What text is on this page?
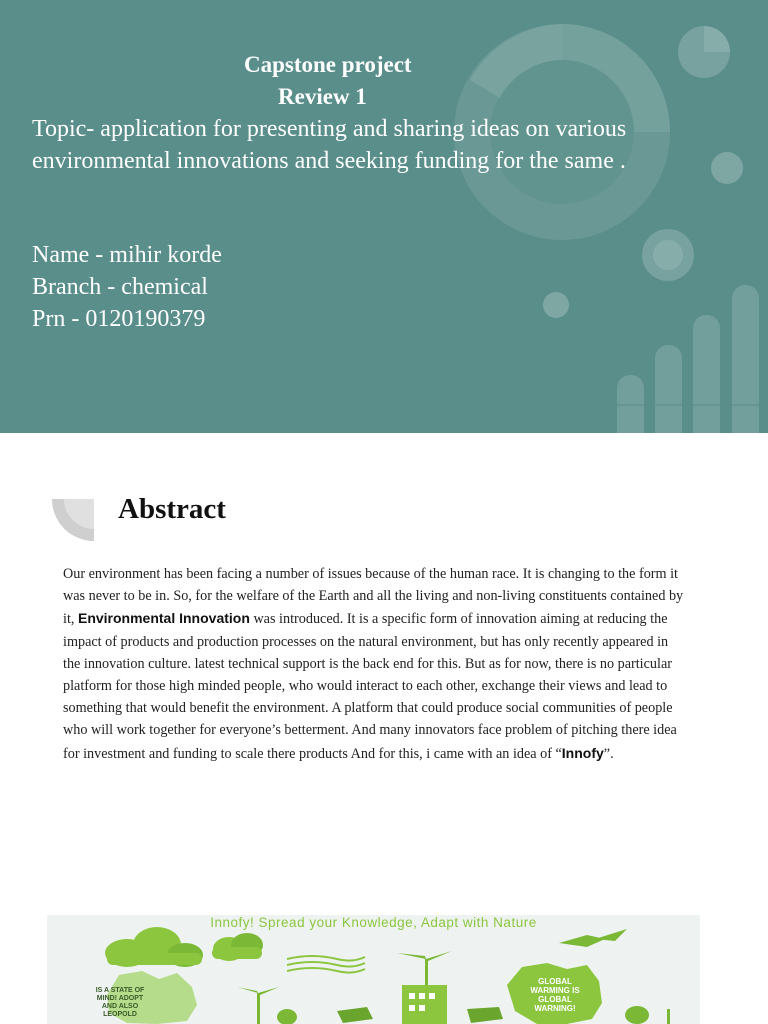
Capstone project
Review 1
Topic- application for presenting and sharing ideas on various environmental innovations and seeking funding for the same .
Name - mihir korde
Branch - chemical
Prn - 0120190379
Abstract
Our environment has been facing a number of issues because of the human race. It is changing to the form it was never to be in. So, for the welfare of the Earth and all the living and non-living constituents contained by it, Environmental Innovation was introduced. It is a specific form of innovation aiming at reducing the impact of products and production processes on the natural environment, but has only recently appeared in the innovation culture. latest technical support is the back end for this. But as for now, there is no particular platform for those high minded people, who would interact to each other, exchange their views and lead to something that would benefit the environment. A platform that could produce social communities of people who will work together for everyone’s betterment. And many innovators face problem of pitching there idea for investment and funding to scale there products And for this, i came with an idea of “Innofy”.
Innofy! Spread your Knowledge, Adapt with Nature
IS A STATE OF MIND! ADOPT AND ALSO LEOPOLD
GLOBAL WARMING IS GLOBAL WARNING!
